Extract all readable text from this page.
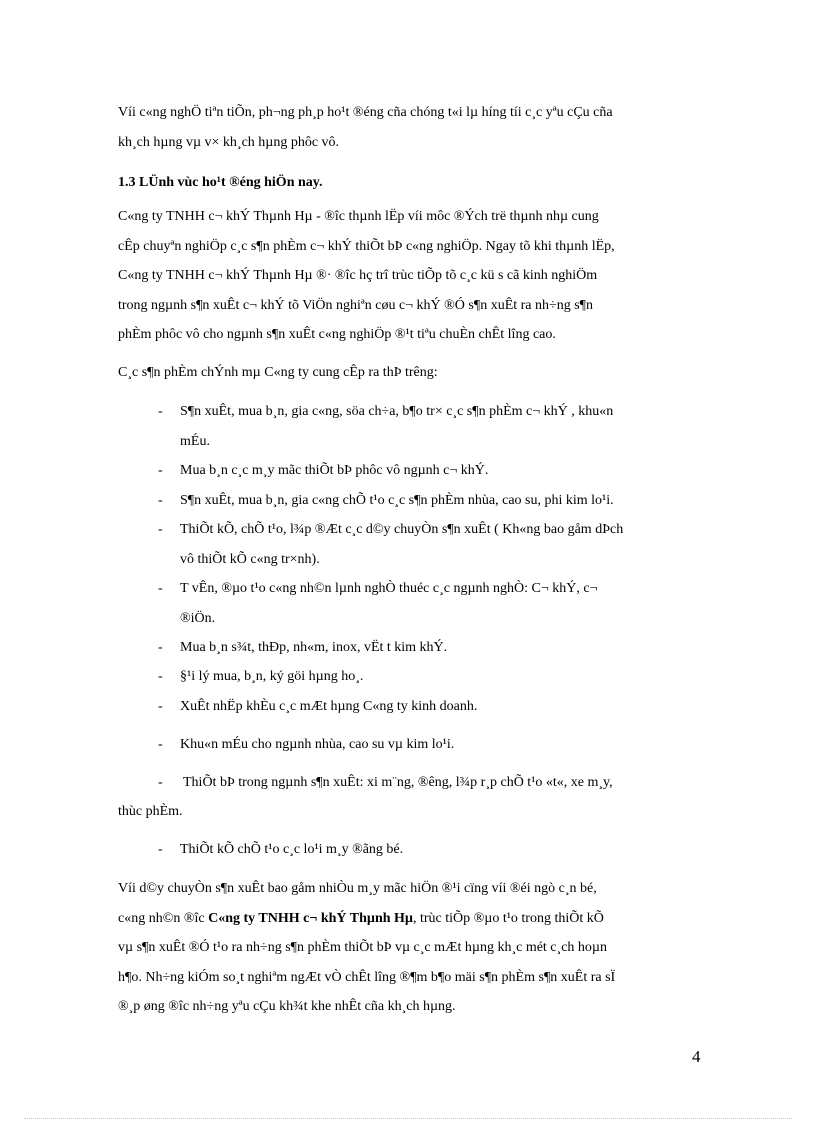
Víi c«ng nghÖ tiªn tiÕn, ph¬ng ph¸p ho¹t ®éng cña chóng t«i lµ híng tíi c¸c yªu cÇu cña
kh¸ch hµng vµ v× kh¸ch hµng phôc vô.

1.3 LÜnh vùc ho¹t ®éng hiÖn nay.

C«ng ty TNHH c¬ khÝ Thµnh Hµ - ®îc thµnh lËp víi môc ®Ých trë thµnh nhµ cung
cÊp chuyªn nghiÖp c¸c s¶n phÈm c¬ khÝ thiÕt bÞ c«ng nghiÖp. Ngay tõ khi thµnh lËp,
C«ng ty TNHH c¬ khÝ Thµnh Hµ ®· ®îc hç trî trùc tiÕp tõ c¸c kü s cã kinh nghiÖm
trong ngµnh s¶n xuÊt c¬ khÝ tõ ViÖn nghiªn cøu c¬ khÝ ®Ó s¶n xuÊt ra nh÷ng s¶n
phÈm phôc vô cho ngµnh s¶n xuÊt c«ng nghiÖp ®¹t tiªu chuÈn chÊt lîng cao.

C¸c s¶n phÈm chÝnh mµ C«ng ty cung cÊp ra thÞ trêng:

- S¶n xuÊt, mua b¸n, gia c«ng, söa ch÷a, b¶o tr× c¸c s¶n phÈm c¬ khÝ , khu«n
mÉu.
- Mua b¸n c¸c m¸y mãc thiÕt bÞ phôc vô ngµnh c¬ khÝ.
- S¶n xuÊt, mua b¸n, gia c«ng chÕ t¹o c¸c s¶n phÈm nhùa, cao su, phi kim lo¹i.
- ThiÕt kÕ, chÕ t¹o, l¾p ®Æt c¸c d©y chuyÒn s¶n xuÊt ( Kh«ng bao gåm dÞch
vô thiÕt kÕ c«ng tr×nh).
- T vÊn, ®µo t¹o c«ng nh©n lµnh nghÒ thuéc c¸c ngµnh nghÒ: C¬ khÝ, c¬
®iÖn.
- Mua b¸n s¾t, thÐp, nh«m, inox, vËt t kim khÝ.
- §¹i lý mua, b¸n, ký göi hµng ho¸.
- XuÊt nhËp khÈu c¸c mÆt hµng C«ng ty kinh doanh.
- Khu«n mÉu cho ngµnh nhùa, cao su vµ kim lo¹i.
- ThiÕt bÞ trong ngµnh s¶n xuÊt: xi m¨ng, ®êng, l¾p r¸p chÕ t¹o «t«, xe m¸y,
thùc phÈm.
- ThiÕt kÕ chÕ t¹o c¸c lo¹i m¸y ®ãng bé.

Víi d©y chuyÒn s¶n xuÊt bao gåm nhiÒu m¸y mãc hiÖn ®¹i cïng víi ®éi ngò c¸n bé,
c«ng nh©n ®îc C«ng ty TNHH c¬ khÝ Thµnh Hµ, trùc tiÕp ®µo t¹o trong thiÕt kÕ
vµ s¶n xuÊt ®Ó t¹o ra nh÷ng s¶n phÈm thiÕt bÞ vµ c¸c mÆt hµng kh¸c mét c¸ch hoµn
h¶o. Nh÷ng kiÓm so¸t nghiªm ngÆt vÒ chÊt lîng ®¶m b¶o mäi s¶n phÈm s¶n xuÊt ra sÏ
®¸p øng ®îc nh÷ng yªu cÇu kh¾t khe nhÊt cña kh¸ch hµng.

4
